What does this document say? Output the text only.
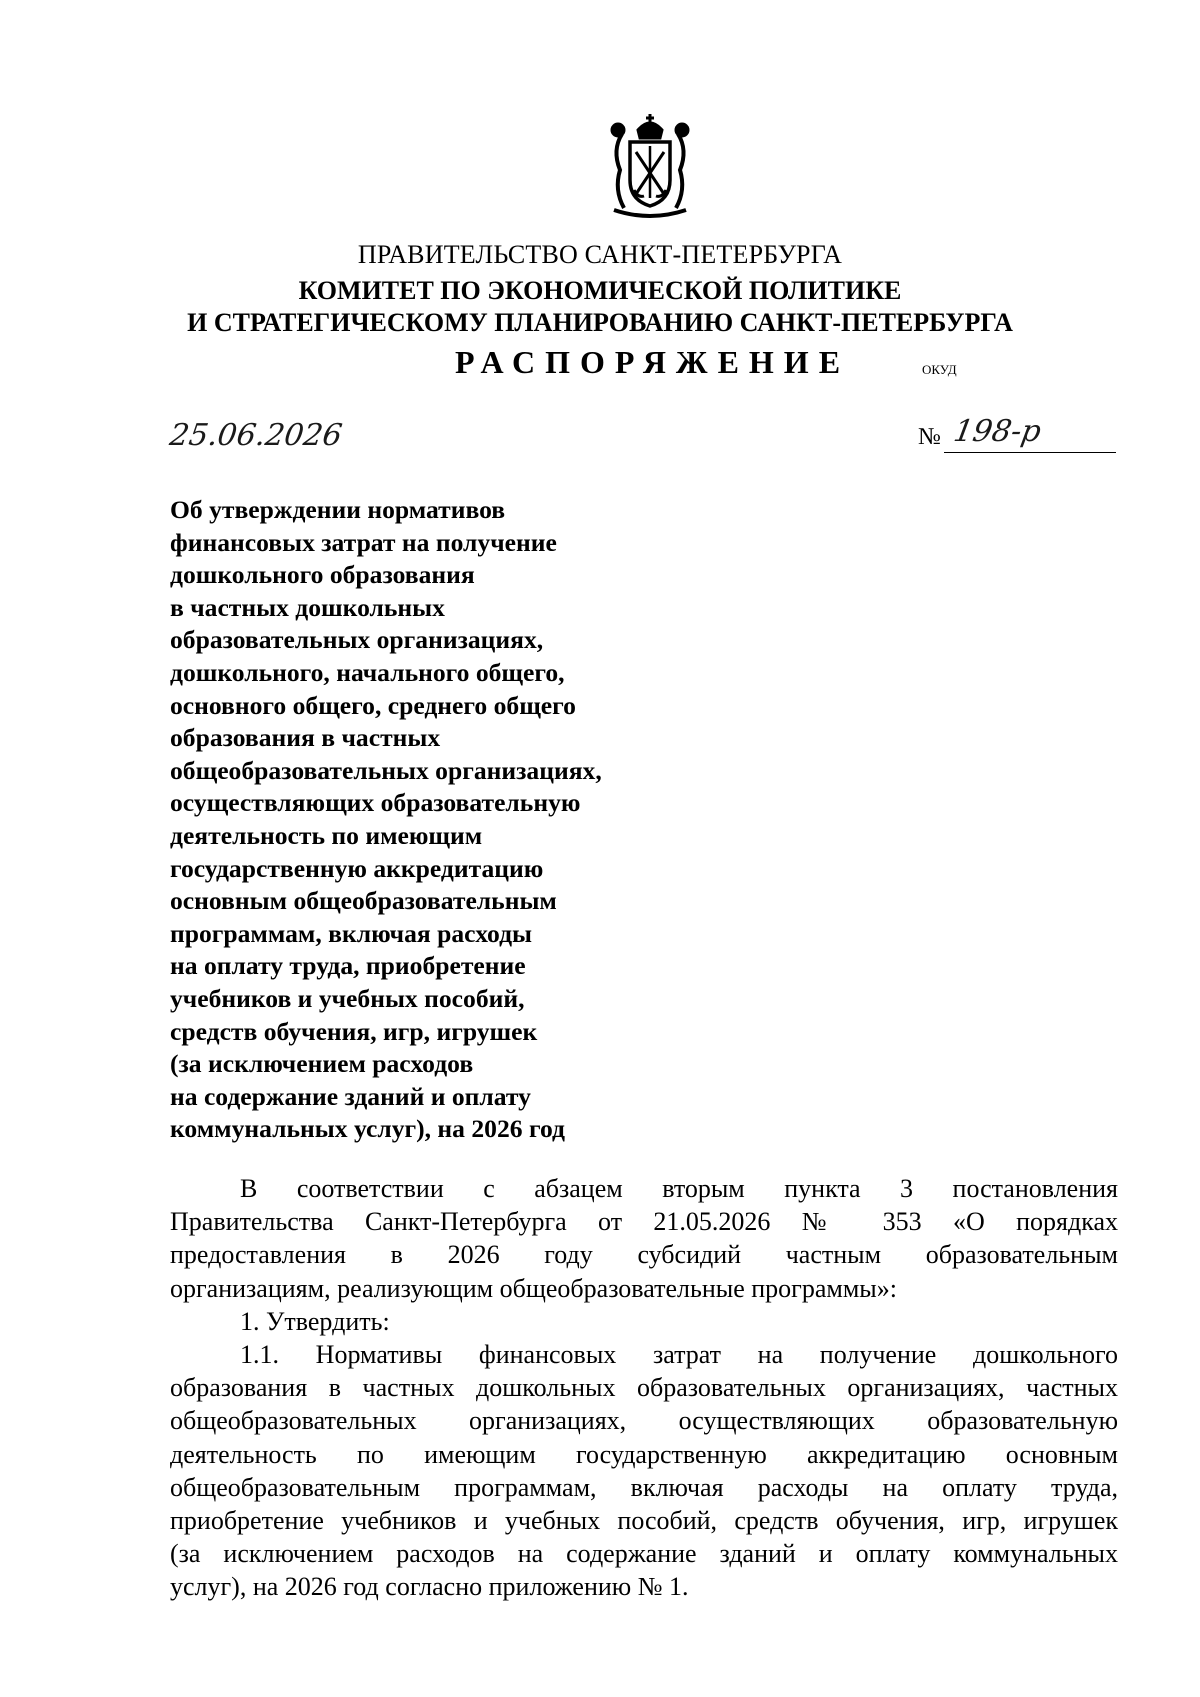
ПРАВИТЕЛЬСТВО САНКТ-ПЕТЕРБУРГА

КОМИТЕТ ПО ЭКОНОМИЧЕСКОЙ ПОЛИТИКЕ

И СТРАТЕГИЧЕСКОМУ ПЛАНИРОВАНИЮ САНКТ-ПЕТЕРБУРГА

РАСПОРЯЖЕНИЕ	ОКУД
25.06.2026	№ 198-р
Об утверждении нормативов
финансовых затрат на получение
дошкольного образования
в частных дошкольных
образовательных организациях,
дошкольного, начального общего,
основного общего, среднего общего
образования в частных
общеобразовательных организациях,
осуществляющих образовательную
деятельность по имеющим
государственную аккредитацию
основным общеобразовательным
программам, включая расходы
на оплату труда, приобретение
учебников и учебных пособий,
средств обучения, игр, игрушек
(за исключением расходов
на содержание зданий и оплату
коммунальных услуг), на 2026 год
В соответствии с абзацем вторым пункта 3 постановления
Правительства Санкт-Петербурга от 21.05.2026 № 353 «О порядках
предоставления в 2026 году субсидий частным образовательным
организациям, реализующим общеобразовательные программы»:
1. Утвердить:
1.1. Нормативы финансовых затрат на получение дошкольного
образования в частных дошкольных образовательных организациях, частных
общеобразовательных организациях, осуществляющих образовательную
деятельность по имеющим государственную аккредитацию основным
общеобразовательным программам, включая расходы на оплату труда,
приобретение учебников и учебных пособий, средств обучения, игр, игрушек
(за исключением расходов на содержание зданий и оплату коммунальных
услуг), на 2026 год согласно приложению № 1.
